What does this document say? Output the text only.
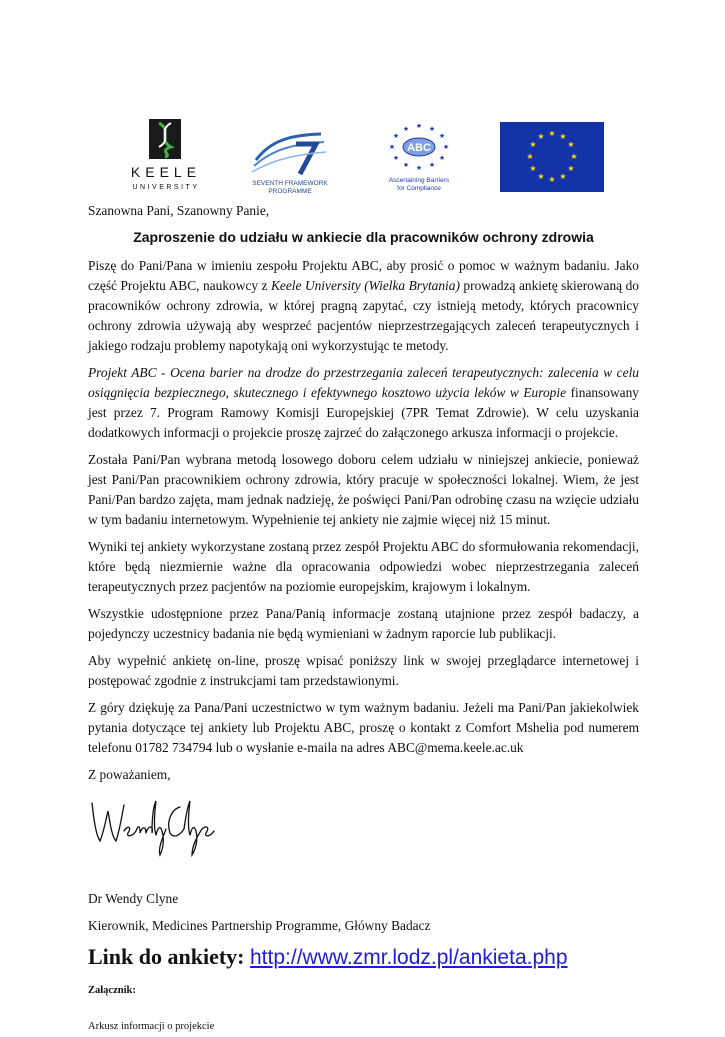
KEELE
UNIVERSITY
SEVENTH FRAMEWORK
PROGRAMME
★ ★
★
★
★
★
★
★
★
★
★
★
ABC
Ascertaining Barriers
for Compliance
★ ★
★
★
★
★
★
★
★
★
★
★

Szanowna Pani, Szanowny Panie,

Zaproszenie do udziału w ankiecie dla pracowników ochrony zdrowia

Piszę do Pani/Pana w imieniu zespołu Projektu ABC, aby prosić o pomoc w ważnym badaniu. Jako część Projektu ABC, naukowcy z Keele University (Wielka Brytania) prowadzą ankietę skierowaną do pracowników ochrony zdrowia, w której pragną zapytać, czy istnieją metody, których pracownicy ochrony zdrowia używają aby wesprzeć pacjentów nieprzestrzegających zaleceń terapeutycznych i jakiego rodzaju problemy napotykają oni wykorzystując te metody.

Projekt ABC - Ocena barier na drodze do przestrzegania zaleceń terapeutycznych: zalecenia w celu osiągnięcia bezpiecznego, skutecznego i efektywnego kosztowo użycia leków w Europie finansowany jest przez 7. Program Ramowy Komisji Europejskiej (7PR Temat Zdrowie). W celu uzyskania dodatkowych informacji o projekcie proszę zajrzeć do załączonego arkusza informacji o projekcie.

Została Pani/Pan wybrana metodą losowego doboru celem udziału w niniejszej ankiecie, ponieważ jest Pani/Pan pracownikiem ochrony zdrowia, który pracuje w społeczności lokalnej. Wiem, że jest Pani/Pan bardzo zajęta, mam jednak nadzieję, że poświęci Pani/Pan odrobinę czasu na wzięcie udziału w tym badaniu internetowym. Wypełnienie tej ankiety nie zajmie więcej niż 15 minut.

Wyniki tej ankiety wykorzystane zostaną przez zespół Projektu ABC do sformułowania rekomendacji, które będą niezmiernie ważne dla opracowania odpowiedzi wobec nieprzestrzegania zaleceń terapeutycznych przez pacjentów na poziomie europejskim, krajowym i lokalnym.

Wszystkie udostępnione przez Pana/Panią informacje zostaną utajnione przez zespół badaczy, a pojedynczy uczestnicy badania nie będą wymieniani w żadnym raporcie lub publikacji.

Aby wypełnić ankietę on-line, proszę wpisać poniższy link w swojej przeglądarce internetowej i postępować zgodnie z instrukcjami tam przedstawionymi.

Z góry dziękuję za Pana/Pani uczestnictwo w tym ważnym badaniu. Jeżeli ma Pani/Pan jakiekolwiek pytania dotyczące tej ankiety lub Projektu ABC, proszę o kontakt z Comfort Mshelia pod numerem telefonu 01782 734794 lub o wysłanie e-maila na adres ABC@mema.keele.ac.uk

Z poważaniem,

Dr Wendy Clyne

Kierownik, Medicines Partnership Programme, Główny Badacz

Link do ankiety: http://www.zmr.lodz.pl/ankieta.php

Załącznik:

Arkusz informacji o projekcie
